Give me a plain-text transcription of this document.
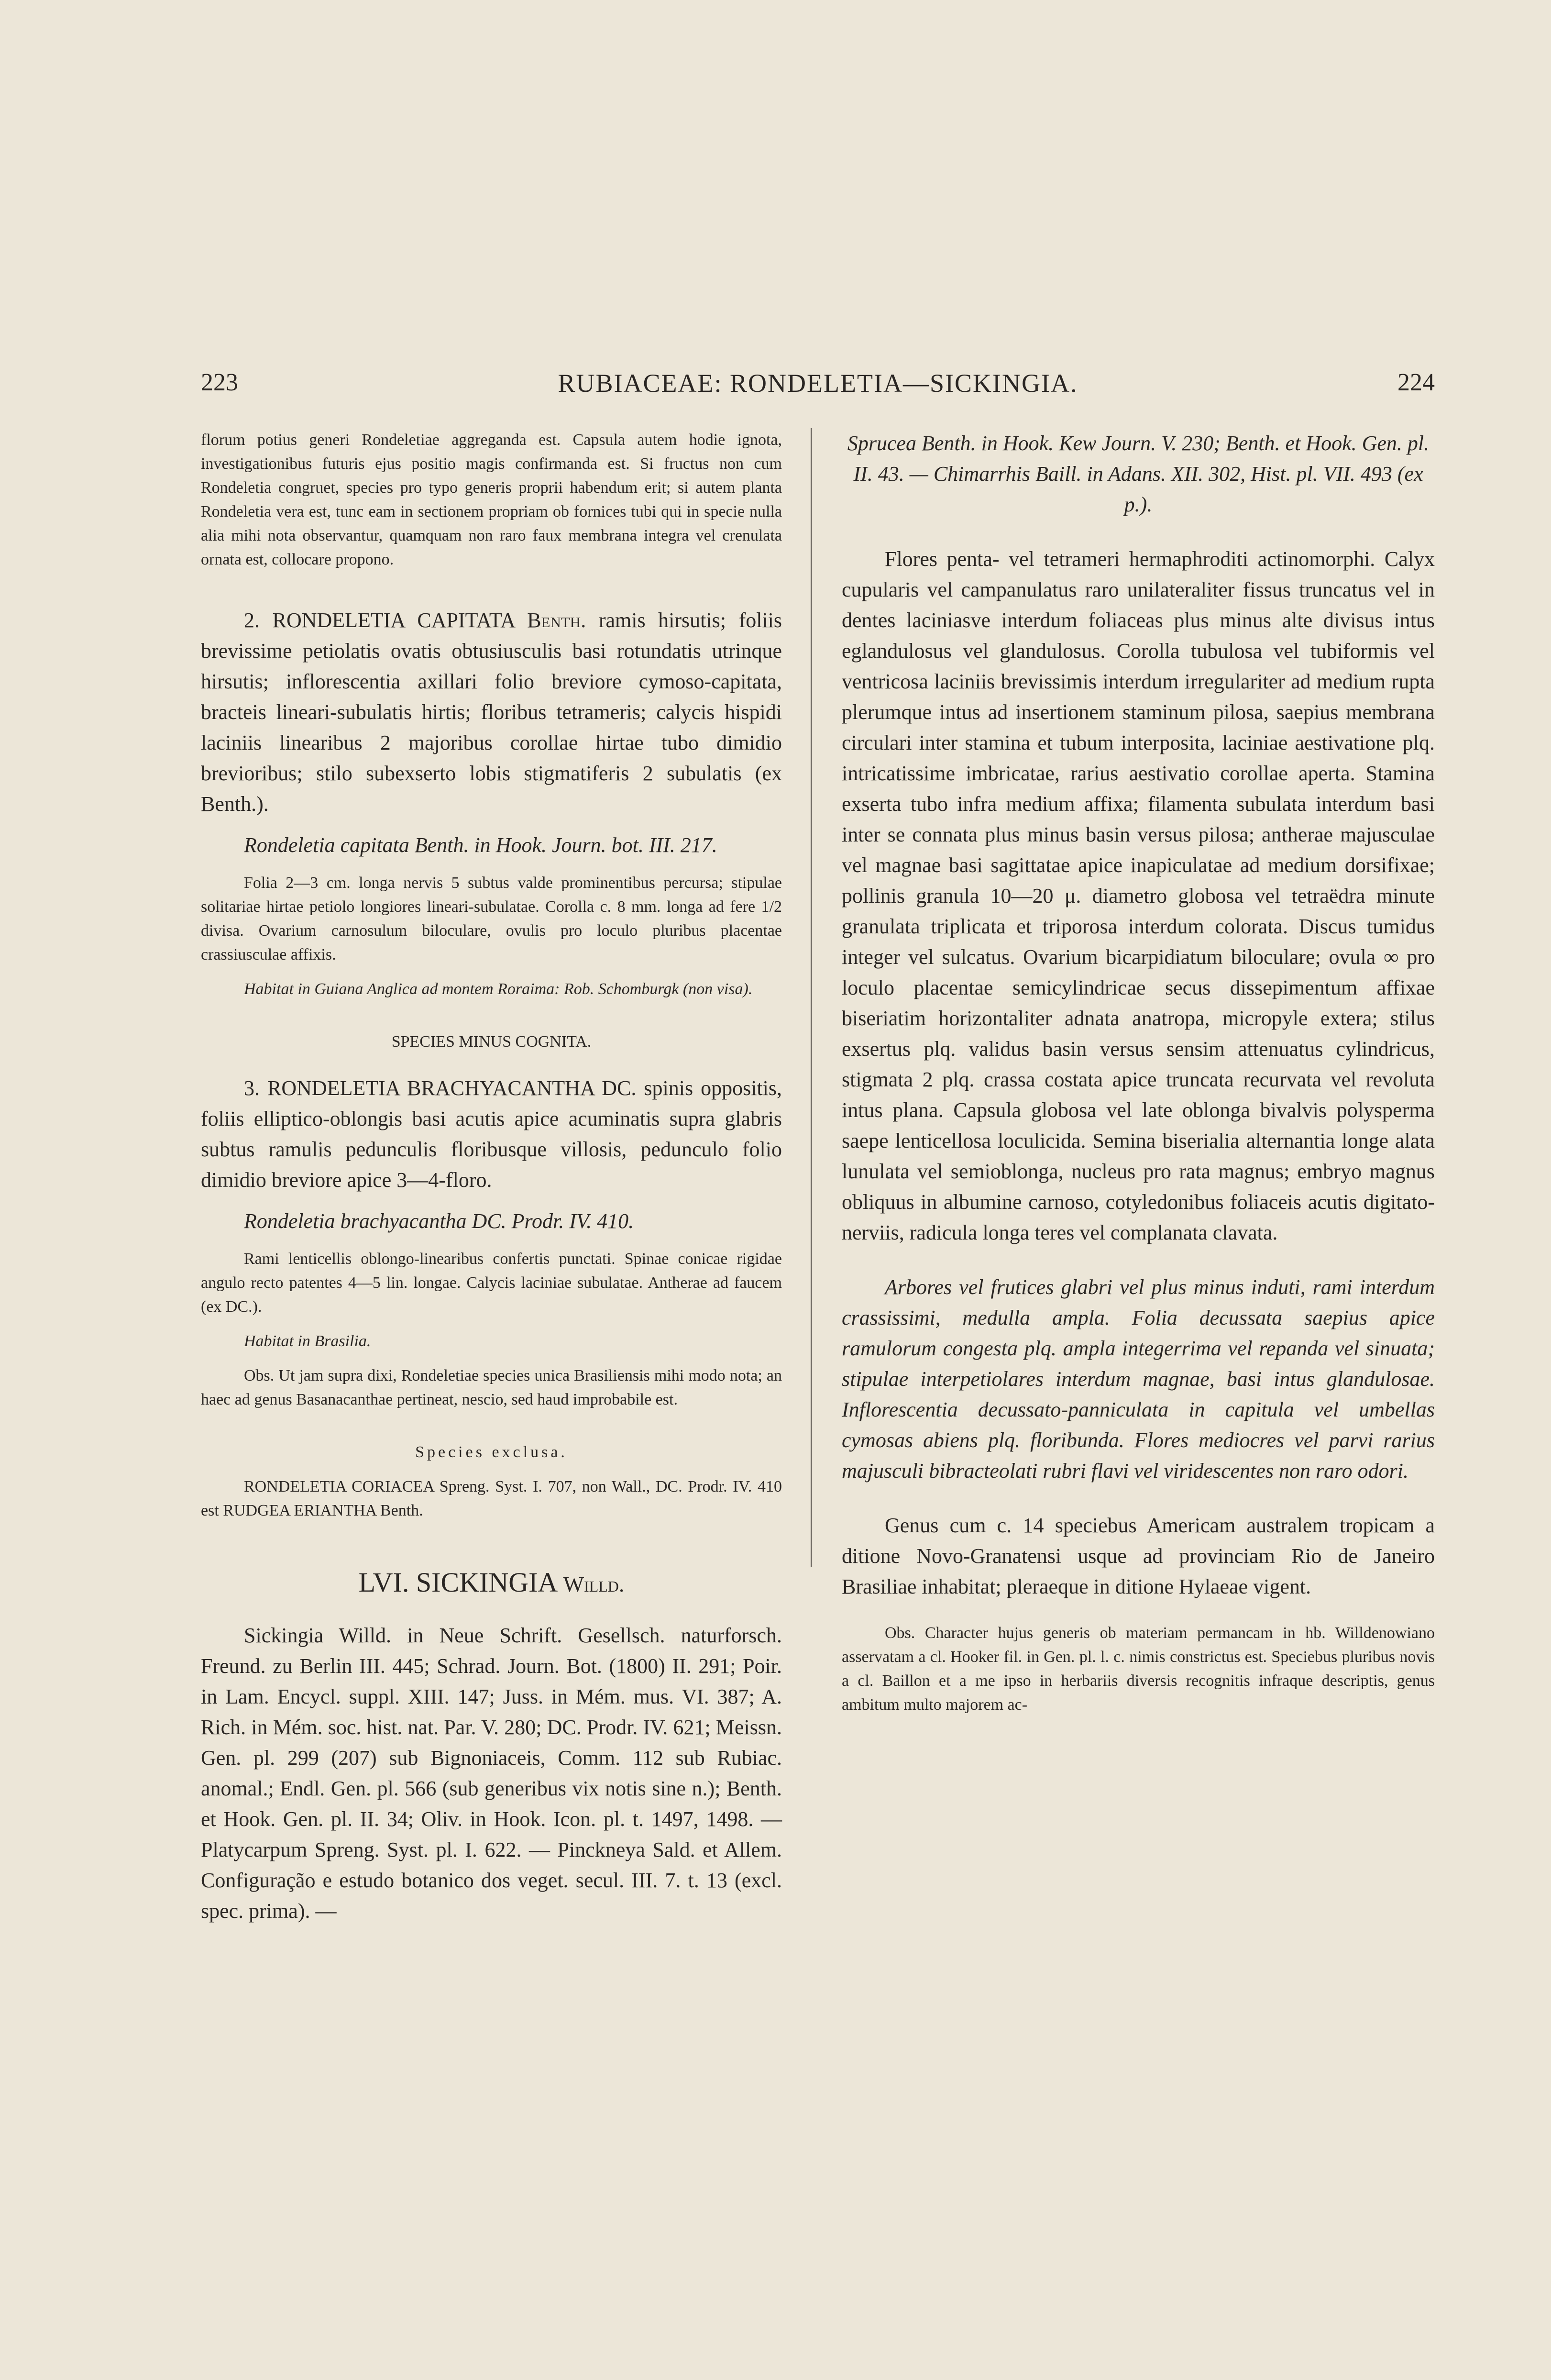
223	RUBIACEAE: RONDELETIA—SICKINGIA.	224

florum potius generi Rondeletiae aggreganda est. Capsula autem hodie ignota, investigationibus futuris ejus positio magis confirmanda est. Si fructus non cum Rondeletia congruet, species pro typo generis proprii habendum erit; si autem planta Rondeletia vera est, tunc eam in sectionem propriam ob fornices tubi qui in specie nulla alia mihi nota observantur, quamquam non raro faux membrana integra vel crenulata ornata est, collocare propono.

2. RONDELETIA CAPITATA Benth. ramis hirsutis; foliis brevissime petiolatis ovatis obtusiusculis basi rotundatis utrinque hirsutis; inflorescentia axillari folio breviore cymoso-capitata, bracteis lineari-subulatis hirtis; floribus tetrameris; calycis hispidi laciniis linearibus 2 majoribus corollae hirtae tubo dimidio brevioribus; stilo subexserto lobis stigmatiferis 2 subulatis (ex Benth.).

Rondeletia capitata Benth. in Hook. Journ. bot. III. 217.

Folia 2—3 cm. longa nervis 5 subtus valde prominentibus percursa; stipulae solitariae hirtae petiolo longiores lineari-subulatae. Corolla c. 8 mm. longa ad fere 1/2 divisa. Ovarium carnosulum biloculare, ovulis pro loculo pluribus placentae crassiusculae affixis.

Habitat in Guiana Anglica ad montem Roraima: Rob. Schomburgk (non visa).

SPECIES MINUS COGNITA.

3. RONDELETIA BRACHYACANTHA DC. spinis oppositis, foliis elliptico-oblongis basi acutis apice acuminatis supra glabris subtus ramulis pedunculis floribusque villosis, pedunculo folio dimidio breviore apice 3—4-floro.

Rondeletia brachyacantha DC. Prodr. IV. 410.

Rami lenticellis oblongo-linearibus confertis punctati. Spinae conicae rigidae angulo recto patentes 4—5 lin. longae. Calycis laciniae subulatae. Antherae ad faucem (ex DC.).

Habitat in Brasilia.

Obs. Ut jam supra dixi, Rondeletiae species unica Brasiliensis mihi modo nota; an haec ad genus Basanacanthae pertineat, nescio, sed haud improbabile est.

Species exclusa.

RONDELETIA CORIACEA Spreng. Syst. I. 707, non Wall., DC. Prodr. IV. 410 est RUDGEA ERIANTHA Benth.

LVI. SICKINGIA Willd.

Sickingia Willd. in Neue Schrift. Gesellsch. naturforsch. Freund. zu Berlin III. 445; Schrad. Journ. Bot. (1800) II. 291; Poir. in Lam. Encycl. suppl. XIII. 147; Juss. in Mém. mus. VI. 387; A. Rich. in Mém. soc. hist. nat. Par. V. 280; DC. Prodr. IV. 621; Meissn. Gen. pl. 299 (207) sub Bignoniaceis, Comm. 112 sub Rubiac. anomal.; Endl. Gen. pl. 566 (sub generibus vix notis sine n.); Benth. et Hook. Gen. pl. II. 34; Oliv. in Hook. Icon. pl. t. 1497, 1498. — Platycarpum Spreng. Syst. pl. I. 622. — Pinckneya Sald. et Allem. Configuração e estudo botanico dos veget. secul. III. 7. t. 13 (excl. spec. prima). —

Sprucea Benth. in Hook. Kew Journ. V. 230; Benth. et Hook. Gen. pl. II. 43. — Chimarrhis Baill. in Adans. XII. 302, Hist. pl. VII. 493 (ex p.).

Flores penta- vel tetrameri hermaphroditi actinomorphi. Calyx cupularis vel campanulatus raro unilateraliter fissus truncatus vel in dentes laciniasve interdum foliaceas plus minus alte divisus intus eglandulosus vel glandulosus. Corolla tubulosa vel tubiformis vel ventricosa laciniis brevissimis interdum irregulariter ad medium rupta plerumque intus ad insertionem staminum pilosa, saepius membrana circulari inter stamina et tubum interposita, laciniae aestivatione plq. intricatissime imbricatae, rarius aestivatio corollae aperta. Stamina exserta tubo infra medium affixa; filamenta subulata interdum basi inter se connata plus minus basin versus pilosa; antherae majusculae vel magnae basi sagittatae apice inapiculatae ad medium dorsifixae; pollinis granula 10—20 μ. diametro globosa vel tetraëdra minute granulata triplicata et triporosa interdum colorata. Discus tumidus integer vel sulcatus. Ovarium bicarpidiatum biloculare; ovula ∞ pro loculo placentae semicylindricae secus dissepimentum affixae biseriatim horizontaliter adnata anatropa, micropyle extera; stilus exsertus plq. validus basin versus sensim attenuatus cylindricus, stigmata 2 plq. crassa costata apice truncata recurvata vel revoluta intus plana. Capsula globosa vel late oblonga bivalvis polysperma saepe lenticellosa loculicida. Semina biserialia alternantia longe alata lunulata vel semioblonga, nucleus pro rata magnus; embryo magnus obliquus in albumine carnoso, cotyledonibus foliaceis acutis digitato-nerviis, radicula longa teres vel complanata clavata.

Arbores vel frutices glabri vel plus minus induti, rami interdum crassissimi, medulla ampla. Folia decussata saepius apice ramulorum congesta plq. ampla integerrima vel repanda vel sinuata; stipulae interpetiolares interdum magnae, basi intus glandulosae. Inflorescentia decussato-panniculata in capitula vel umbellas cymosas abiens plq. floribunda. Flores mediocres vel parvi rarius majusculi bibracteolati rubri flavi vel viridescentes non raro odori.

Genus cum c. 14 speciebus Americam australem tropicam a ditione Novo-Granatensi usque ad provinciam Rio de Janeiro Brasiliae inhabitat; pleraeque in ditione Hylaeae vigent.

Obs. Character hujus generis ob materiam permancam in hb. Willdenowiano asservatam a cl. Hooker fil. in Gen. pl. l. c. nimis constrictus est. Speciebus pluribus novis a cl. Baillon et a me ipso in herbariis diversis recognitis infraque descriptis, genus ambitum multo majorem ac-
